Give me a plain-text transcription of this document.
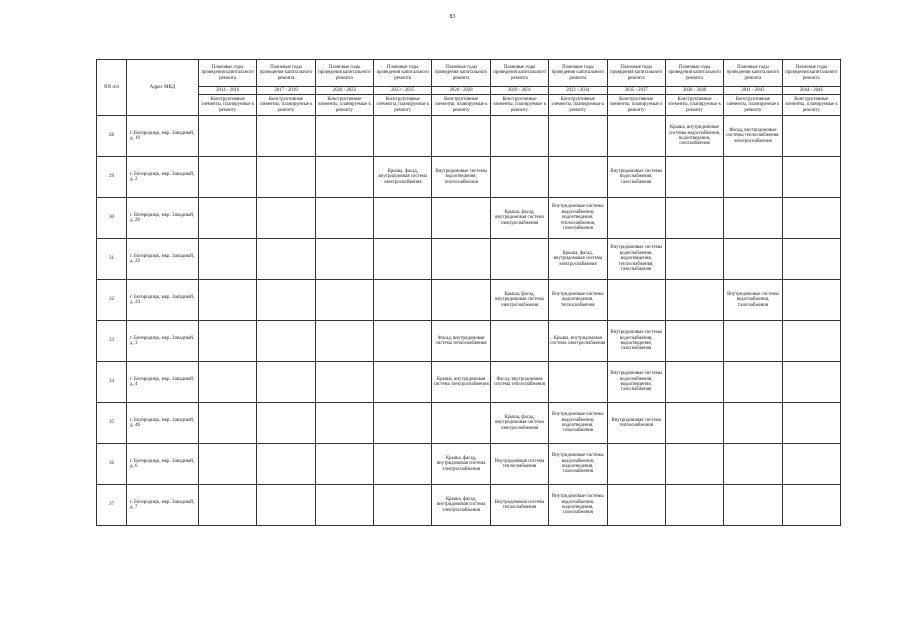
83
NN п/п	Адрес МКД	Плановые годы проведения капитального ремонта	Плановые годы проведения капитального ремонта	Плановые годы проведения капитального ремонта	Плановые годы проведения капитального ремонта	Плановые годы проведения капитального ремонта	Плановые годы проведения капитального ремонта	Плановые годы проведения капитального ремонта	Плановые годы проведения капитального ремонта	Плановые годы проведения капитального ремонта	Плановые годы проведения капитального ремонта	Плановые годы проведения капитального ремонта
		2014 - 2016	2017 - 2019	2020 - 2022	2023 - 2025	2026 - 2028	2029 - 2031	2032 - 2034	2035 - 2037	2038 - 2040	2041 - 2043	2044 - 2046
		Конструктивные элементы, планируемые к ремонту	Конструктивные элементы, планируемые к ремонту	Конструктивные элементы, планируемые к ремонту	Конструктивные элементы, планируемые к ремонту	Конструктивные элементы, планируемые к ремонту	Конструктивные элементы, планируемые к ремонту	Конструктивные элементы, планируемые к ремонту	Конструктивные элементы, планируемые к ремонту	Конструктивные элементы, планируемые к ремонту	Конструктивные элементы, планируемые к ремонту	Конструктивные элементы, планируемые к ремонту
28	г. Богородицк, мкр. Западный, д. 19									Крыша, внутридомовые системы водоснабжения, водоотведения, газоснабжения	Фасад, внутридомовые системы теплоснабжения, электроснабжения	
29	г. Богородицк, мкр. Западный, д. 2				Крыша, фасад, внутридомовая система электроснабжения	Внутридомовые системы водоотведения, теплоснабжения			Внутридомовые системы водоснабжения, газоснабжения			
30	г. Богородицк, мкр. Западный, д. 20						Крыша, фасад, внутридомовая система электроснабжения	Внутридомовые системы водоснабжения, водоотведения, теплоснабжения, газоснабжения				
31	г. Богородицк, мкр. Западный, д. 22							Крыша, фасад, внутридомовая система электроснабжения	Внутридомовые системы водоснабжения, водоотведения, теплоснабжения, газоснабжения			
32	г. Богородицк, мкр. Западный, д. 23						Крыша, фасад, внутридомовая система электроснабжения	Внутридомовые системы водоотведения, теплоснабжения			Внутридомовые системы водоснабжения, газоснабжения	
33	г. Богородицк, мкр. Западный, д. 3					Фасад, внутридомовая система теплоснабжения		Крыша, внутридомовая система электроснабжения	Внутридомовые системы водоснабжения, водоотведения, газоснабжения			
34	г. Богородицк, мкр. Западный, д. 4					Крыша, внутридомовая система электроснабжения	Фасад, внутридомовая система теплоснабжения		Внутридомовые системы водоснабжения, водоотведения, газоснабжения			
35	г. Богородицк, мкр. Западный, д. 4б						Крыша, фасад, внутридомовая система электроснабжения	Внутридомовые системы водоснабжения, водоотведения, газоснабжения	Внутридомовая система теплоснабжения			
36	г. Богородицк, мкр. Западный, д. 6					Крыша, фасад, внутридомовая система электроснабжения	Внутридомовая система теплоснабжения	Внутридомовые системы водоснабжения, водоотведения, газоснабжения				
37	г. Богородицк, мкр. Западный, д. 7					Крыша, фасад, внутридомовая система электроснабжения	Внутридомовая система теплоснабжения	Внутридомовые системы водоснабжения, водоотведения, газоснабжения				
